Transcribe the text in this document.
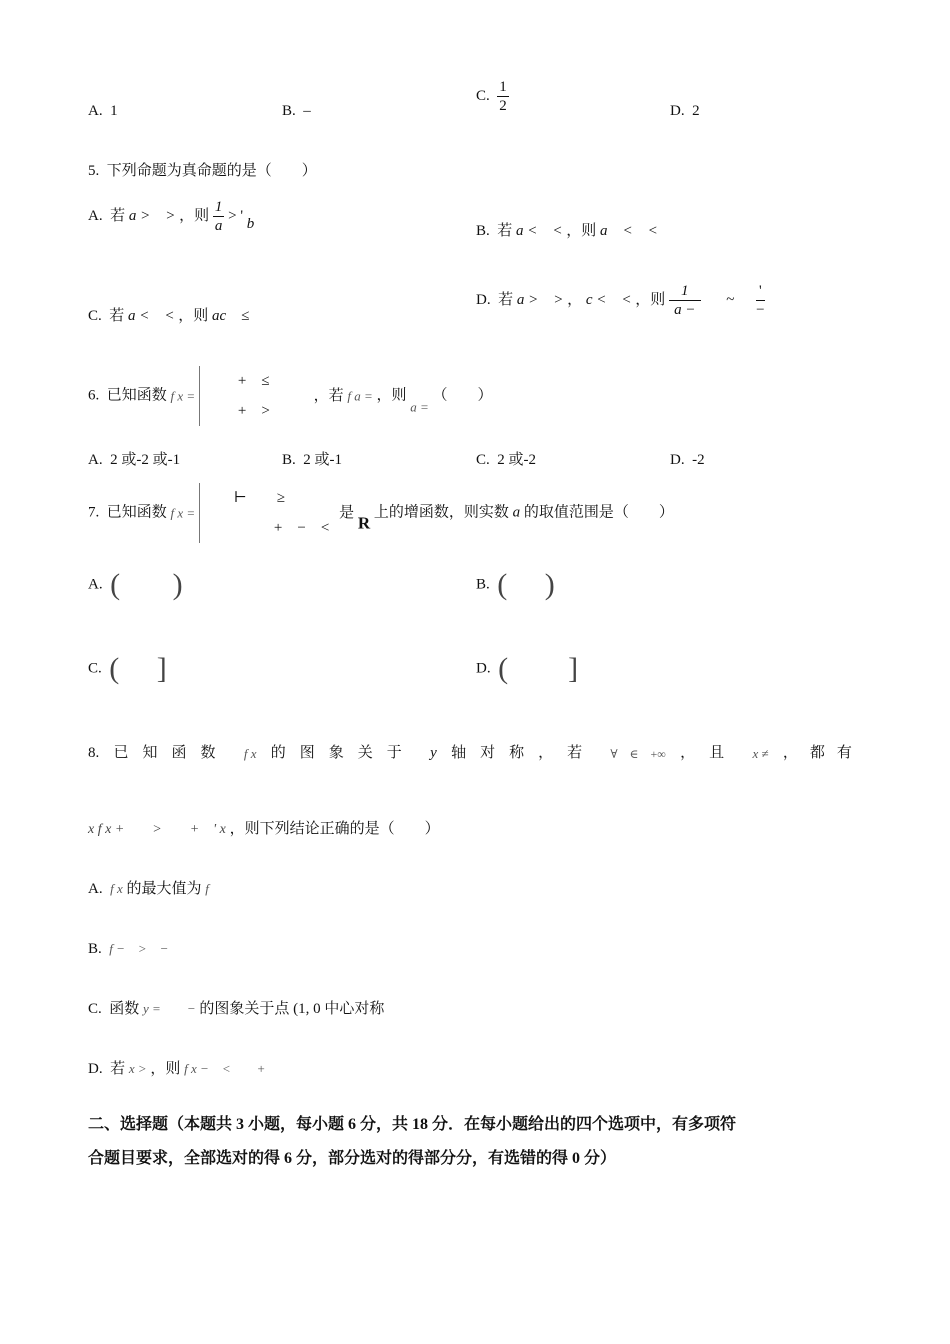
A. 1	B. –
C. $\frac{1}{2}$	D. 2
5. 下列命题为真命题的是（　　）
A. 若 a >　> ，则 $\frac{1}{a}$ > ' b	B. 若 a <　< ，则 a　<　<
C. 若 a <　< ，则 ac　≤
D. 若 a >　> ， c <　< ，则 $\frac{1}{a -}$ ~ $\frac{'}{-}$
6. 已知函数 f x =
+　≤
+　>
，若 f a = ，则 a = （　　）
A. 2 或-2 或-1	B. 2 或-1	C. 2 或-2	D. -2
7. 已知函数 f x =
⊢　　≥
+　−　<
是 R 上的增函数，则实数 a 的取值范围是（　　）
A. (       )	B. (     )
C. (     ]	D. (        ]
8. 已知函数 f x 的图象关于 y 轴对称，若 ∀　∈　+∞ ，且 x ≠ ，都有
x f x +　　>　　+　' x ，则下列结论正确的是（　　）
A. f x 的最大值为 f
B. f −　>　−
C. 函数 y =　　− 的图象关于点 (1, 0 中心对称
D. 若 x > ，则 f x −　<　　+
二、选择题（本题共 3 小题，每小题 6 分，共 18 分．在每小题给出的四个选项中，有多项符
合题目要求，全部选对的得 6 分，部分选对的得部分分，有选错的得 0 分）
